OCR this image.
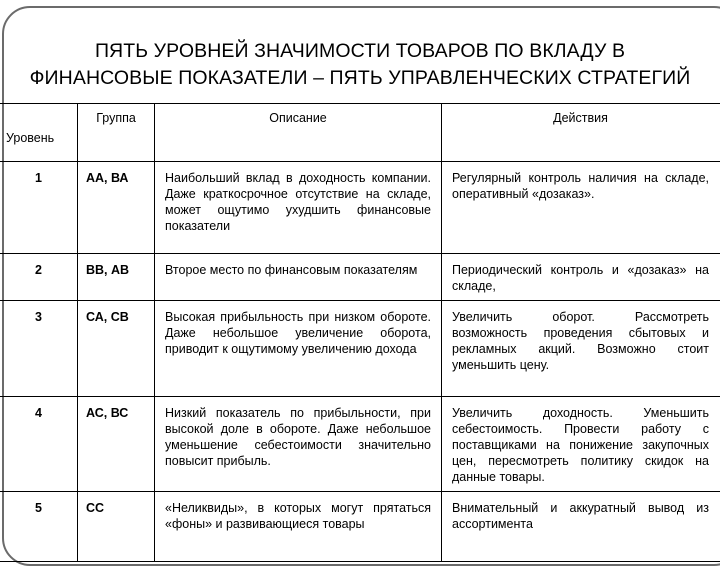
ПЯТЬ УРОВНЕЙ ЗНАЧИМОСТИ ТОВАРОВ ПО ВКЛАДУ В
ФИНАНСОВЫЕ ПОКАЗАТЕЛИ – ПЯТЬ УПРАВЛЕНЧЕСКИХ СТРАТЕГИЙ
Уровень	Группа	Описание	Действия

1	АА, ВА	Наибольший вклад в доходность компании. Даже краткосрочное отсутствие на складе, может ощутимо ухудшить финансовые показатели	Регулярный контроль наличия на складе, оперативный «дозаказ».
2	ВВ, АВ	Второе место по финансовым показателям	Периодический контроль и «дозаказ» на складе,
3	СА, СВ	Высокая прибыльность при низком обороте. Даже небольшое увеличение оборота, приводит к ощутимому увеличению дохода	Увеличить оборот. Рассмотреть возможность проведения сбытовых и рекламных акций. Возможно стоит уменьшить цену.
4	АС, ВС	Низкий показатель по прибыльности, при высокой доле в обороте. Даже небольшое уменьшение себестоимости значительно повысит прибыль.	Увеличить доходность. Уменьшить себестоимость. Провести работу с поставщиками на понижение закупочных цен, пересмотреть политику скидок на данные товары.
5	СС	«Неликвиды», в которых могут прятаться «фоны» и развивающиеся товары	Внимательный и аккуратный вывод из ассортимента
